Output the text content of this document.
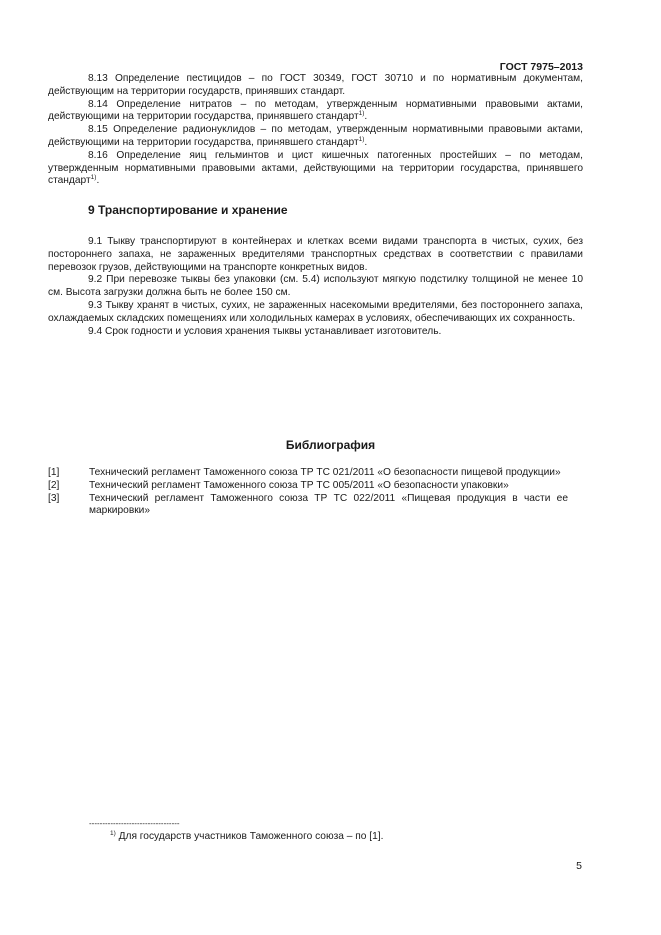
ГОСТ 7975–2013

8.13 Определение пестицидов – по ГОСТ 30349, ГОСТ 30710 и по нормативным документам, действующим на территории государств, принявших стандарт.

8.14 Определение нитратов – по методам, утвержденным нормативными правовыми актами, действующими на территории государства, принявшего стандарт$^{1)}$.

8.15 Определение радионуклидов – по методам, утвержденным нормативными правовыми актами, действующими на территории государства, принявшего стандарт$^{1)}$.

8.16 Определение яиц гельминтов и цист кишечных патогенных простейших – по методам, утвержденным нормативными правовыми актами, действующими на территории государства, принявшего стандарт$^{1)}$.

9 Транспортирование и хранение

9.1 Тыкву транспортируют в контейнерах и клетках всеми видами транспорта в чистых, сухих, без постороннего запаха, не зараженных вредителями транспортных средствах в соответствии с правилами перевозок грузов, действующими на транспорте конкретных видов.

9.2 При перевозке тыквы без упаковки (см. 5.4) используют мягкую подстилку толщиной не менее 10 см. Высота загрузки должна быть не более 150 см.

9.3 Тыкву хранят в чистых, сухих, не зараженных насекомыми вредителями, без постороннего запаха, охлаждаемых складских помещениях или холодильных камерах в условиях, обеспечивающих их сохранность.

9.4 Срок годности и условия хранения тыквы устанавливает изготовитель.

Библиография
[1]	Технический регламент Таможенного союза ТР ТС 021/2011 «О безопасности пищевой продукции»
[2]	Технический регламент Таможенного союза ТР ТС 005/2011 «О безопасности упаковки»
[3]	Технический регламент Таможенного союза ТР ТС 022/2011 «Пищевая продукция в части ее маркировки»
----------------------------------
$^{1)}$ Для государств участников Таможенного союза – по [1].
5
